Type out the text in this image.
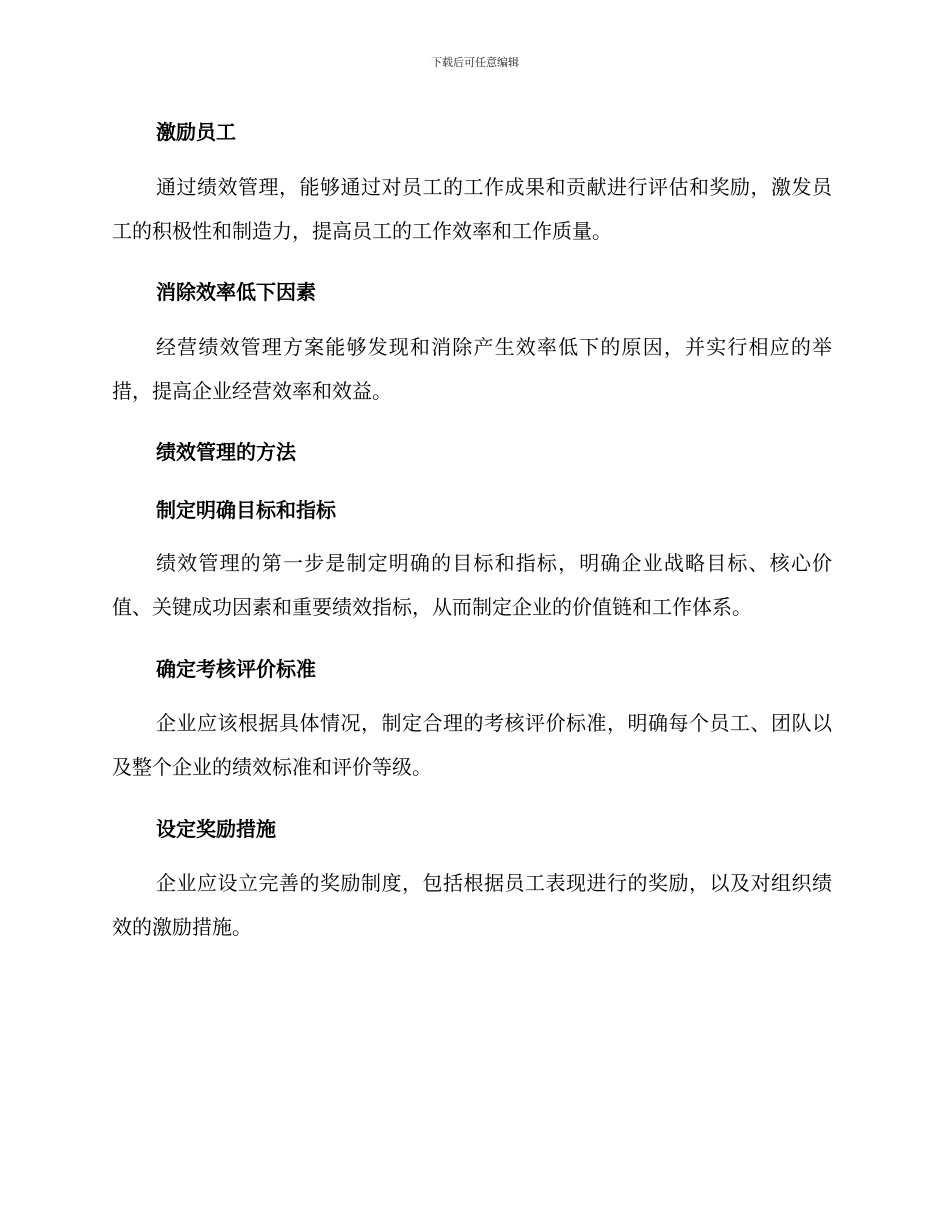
下载后可任意编辑
激励员工

通过绩效管理，能够通过对员工的工作成果和贡献进行评估和奖励，激发员工的积极性和制造力，提高员工的工作效率和工作质量。

消除效率低下因素

经营绩效管理方案能够发现和消除产生效率低下的原因，并实行相应的举措，提高企业经营效率和效益。

绩效管理的方法
制定明确目标和指标

绩效管理的第一步是制定明确的目标和指标，明确企业战略目标、核心价值、关键成功因素和重要绩效指标，从而制定企业的价值链和工作体系。

确定考核评价标准

企业应该根据具体情况，制定合理的考核评价标准，明确每个员工、团队以及整个企业的绩效标准和评价等级。

设定奖励措施

企业应设立完善的奖励制度，包括根据员工表现进行的奖励，以及对组织绩效的激励措施。
